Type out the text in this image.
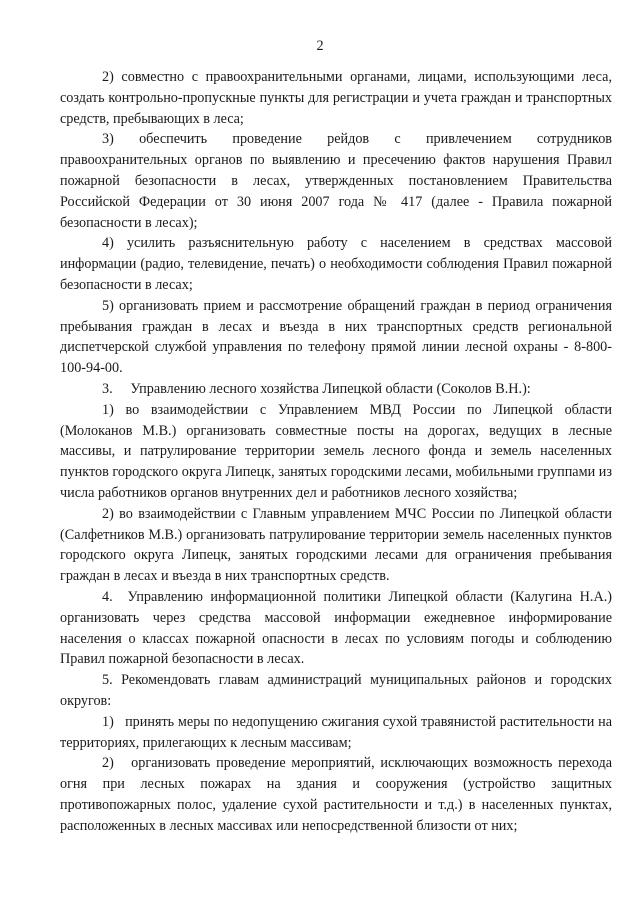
2

2) совместно с правоохранительными органами, лицами, использующими леса, создать контрольно-пропускные пункты для регистрации и учета граждан и транспортных средств, пребывающих в лесa;

3) обеспечить проведение рейдов с привлечением сотрудников правоохранительных органов по выявлению и пресечению фактов нарушения Правил пожарной безопасности в лесах, утвержденных постановлением Правительства Российской Федерации от 30 июня 2007 года № 417 (далее - Правила пожарной безопасности в лесах);

4) усилить разъяснительную работу с населением в средствах массовой информации (радио, телевидение, печать) о необходимости соблюдения Правил пожарной безопасности в лесах;

5) организовать прием и рассмотрение обращений граждан в период ограничения пребывания граждан в лесах и въезда в них транспортных средств региональной диспетчерской службой управления по телефону прямой линии лесной охраны - 8-800-100-94-00.

3.     Управлению лесного хозяйства Липецкой области (Соколов В.Н.):

1) во взаимодействии с Управлением МВД России по Липецкой области (Молоканов М.В.) организовать совместные посты на дорогах, ведущих в лесные массивы, и патрулирование территории земель лесного фонда и земель населенных пунктов городского округа Липецк, занятых городскими лесами, мобильными группами из числа работников органов внутренних дел и работников лесного хозяйства;

2) во взаимодействии с Главным управлением МЧС России по Липецкой области (Салфетников М.В.) организовать патрулирование территории земель населенных пунктов городского округа Липецк, занятых городскими лесами для ограничения пребывания граждан в лесах и въезда в них транспортных средств.

4.  Управлению информационной политики Липецкой области (Калугина Н.А.) организовать через средства массовой информации ежедневное информирование населения о классах пожарной опасности в лесах по условиям погоды и соблюдению Правил пожарной безопасности в лесах.

5. Рекомендовать главам администраций муниципальных районов и городских округов:

1)   принять меры по недопущению сжигания сухой травянистой растительности на территориях, прилегающих к лесным массивам;

2)   организовать проведение мероприятий, исключающих возможность перехода огня при лесных пожарах на здания и сооружения (устройство защитных противопожарных полос, удаление сухой растительности и т.д.) в населенных пунктах, расположенных в лесных массивах или непосредственной близости от них;
